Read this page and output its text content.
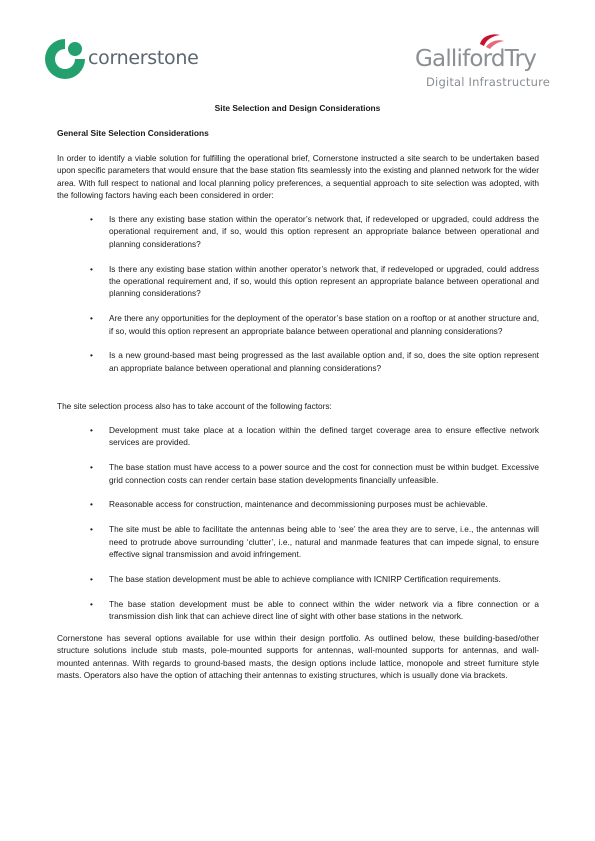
cornerstone	GallifordTry
Digital Infrastructure
Site Selection and Design Considerations
General Site Selection Considerations

In order to identify a viable solution for fulfilling the operational brief, Cornerstone instructed a site search to be undertaken based upon specific parameters that would ensure that the base station fits seamlessly into the existing and planned network for the wider area. With full respect to national and local planning policy preferences, a sequential approach to site selection was adopted, with the following factors having each been considered in order:

• Is there any existing base station within the operator’s network that, if redeveloped or upgraded, could address the operational requirement and, if so, would this option represent an appropriate balance between operational and planning considerations?
• Is there any existing base station within another operator’s network that, if redeveloped or upgraded, could address the operational requirement and, if so, would this option represent an appropriate balance between operational and planning considerations?
• Are there any opportunities for the deployment of the operator’s base station on a rooftop or at another structure and, if so, would this option represent an appropriate balance between operational and planning considerations?
• Is a new ground-based mast being progressed as the last available option and, if so, does the site option represent an appropriate balance between operational and planning considerations?

The site selection process also has to take account of the following factors:

• Development must take place at a location within the defined target coverage area to ensure effective network services are provided.
• The base station must have access to a power source and the cost for connection must be within budget. Excessive grid connection costs can render certain base station developments financially unfeasible.
• Reasonable access for construction, maintenance and decommissioning purposes must be achievable.
• The site must be able to facilitate the antennas being able to ‘see’ the area they are to serve, i.e., the antennas will need to protrude above surrounding ‘clutter’, i.e., natural and manmade features that can impede signal, to ensure effective signal transmission and avoid infringement.
• The base station development must be able to achieve compliance with ICNIRP Certification requirements.
• The base station development must be able to connect within the wider network via a fibre connection or a transmission dish link that can achieve direct line of sight with other base stations in the network.

Cornerstone has several options available for use within their design portfolio. As outlined below, these building-based/other structure solutions include stub masts, pole-mounted supports for antennas, wall-mounted supports for antennas, and wall-mounted antennas. With regards to ground-based masts, the design options include lattice, monopole and street furniture style masts. Operators also have the option of attaching their antennas to existing structures, which is usually done via brackets.
